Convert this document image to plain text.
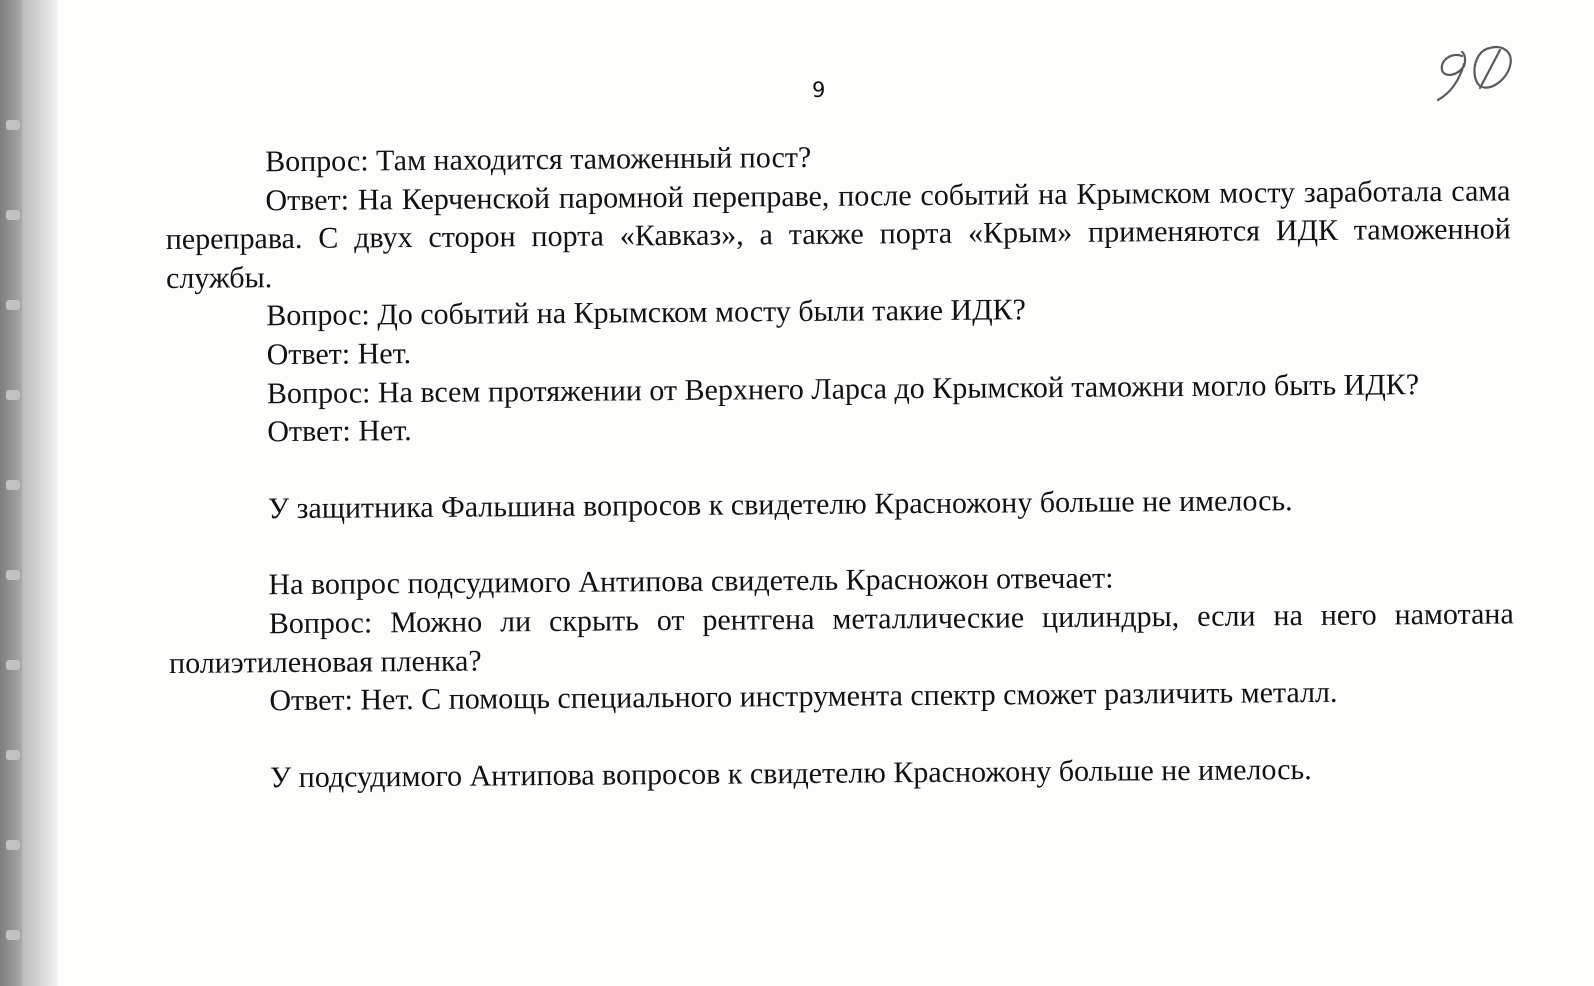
9

Вопрос: Там находится таможенный пост?

Ответ: На Керченской паромной переправе, после событий на Крымском мосту заработала сама переправа. С двух сторон порта «Кавказ», а также порта «Крым» применяются ИДК таможенной службы.

Вопрос: До событий на Крымском мосту были такие ИДК?

Ответ: Нет.

Вопрос: На всем протяжении от Верхнего Ларса до Крымской таможни могло быть ИДК?

Ответ: Нет.

У защитника Фальшина вопросов к свидетелю Красножону больше не имелось.

На вопрос подсудимого Антипова свидетель Красножон отвечает:

Вопрос: Можно ли скрыть от рентгена металлические цилиндры, если на него намотана полиэтиленовая пленка?

Ответ: Нет. С помощь специального инструмента спектр сможет различить металл.

У подсудимого Антипова вопросов к свидетелю Красножону больше не имелось.
